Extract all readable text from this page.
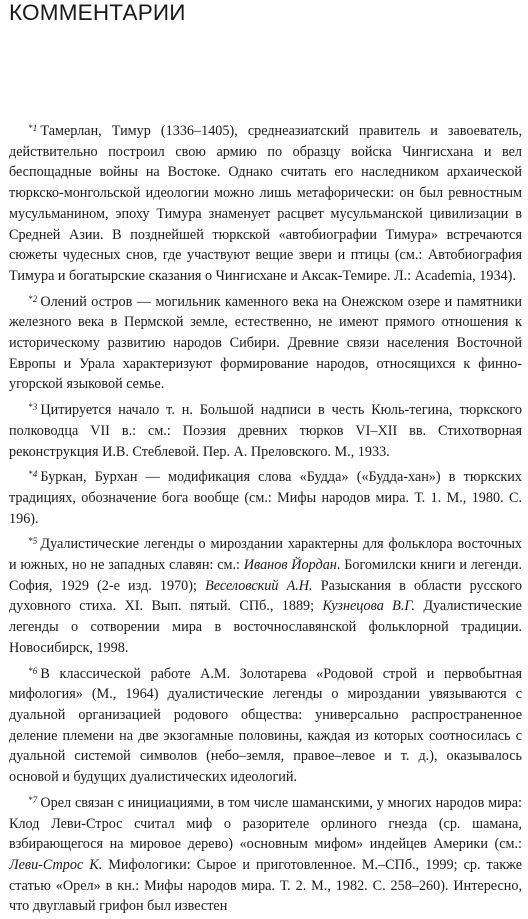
КОММЕНТАРИИ

$^{*1}$ Тамерлан, Тимур (1336–1405), среднеазиатский правитель и завоеватель, действительно построил свою армию по образцу войска Чингисхана и вел беспощадные войны на Востоке. Однако считать его наследником архаической тюркско-монгольской идеологии можно лишь метафорически: он был ревностным мусульманином, эпоху Тимура знаменует расцвет мусульманской цивилизации в Средней Азии. В позднейшей тюркской «автобиографии Тимура» встречаются сюжеты чудесных снов, где участвуют вещие звери и птицы (см.: Автобиография Тимура и богатырские сказания о Чингисхане и Аксак-Темире. Л.: Academia, 1934).

$^{*2}$ Олений остров — могильник каменного века на Онежском озере и памятники железного века в Пермской земле, естественно, не имеют прямого отношения к историческому развитию народов Сибири. Древние связи населения Восточной Европы и Урала характеризуют формирование народов, относящихся к финно-угорской языковой семье.

$^{*3}$ Цитируется начало т. н. Большой надписи в честь Кюль-тегина, тюркского полководца VII в.: см.: Поэзия древних тюрков VI–XII вв. Стихотворная реконструкция И.В. Стеблевой. Пер. А. Преловского. М., 1933.

$^{*4}$ Буркан, Бурхан — модификация слова «Будда» («Будда-хан») в тюркских традициях, обозначение бога вообще (см.: Мифы народов мира. Т. 1. М., 1980. С. 196).

$^{*5}$ Дуалистические легенды о мироздании характерны для фольклора восточных и южных, но не западных славян: см.: Иванов Йордан. Богомилски книги и легенди. София, 1929 (2-е изд. 1970); Веселовский А.Н. Разыскания в области русского духовного стиха. XI. Вып. пятый. СПб., 1889; Кузнецова В.Г. Дуалистические легенды о сотворении мира в восточнославянской фольклорной традиции. Новосибирск, 1998.

$^{*6}$ В классической работе А.М. Золотарева «Родовой строй и первобытная мифология» (М., 1964) дуалистические легенды о мироздании увязываются с дуальной организацией родового общества: универсально распространенное деление племени на две экзогамные половины, каждая из которых соотносилась с дуальной системой символов (небо–земля, правое–левое и т. д.), оказывалось основой и будущих дуалистических идеологий.

$^{*7}$ Орел связан с инициациями, в том числе шаманскими, у многих народов мира: Клод Леви-Строс считал миф о разорителе орлиного гнезда (ср. шамана, взбирающегося на мировое дерево) «основным мифом» индейцев Америки (см.: Леви-Строс К. Мифологики: Сырое и приготовленное. М.–СПб., 1999; ср. также статью «Орел» в кн.: Мифы народов мира. Т. 2. М., 1982. С. 258–260). Интересно, что двуглавый грифон был известен
